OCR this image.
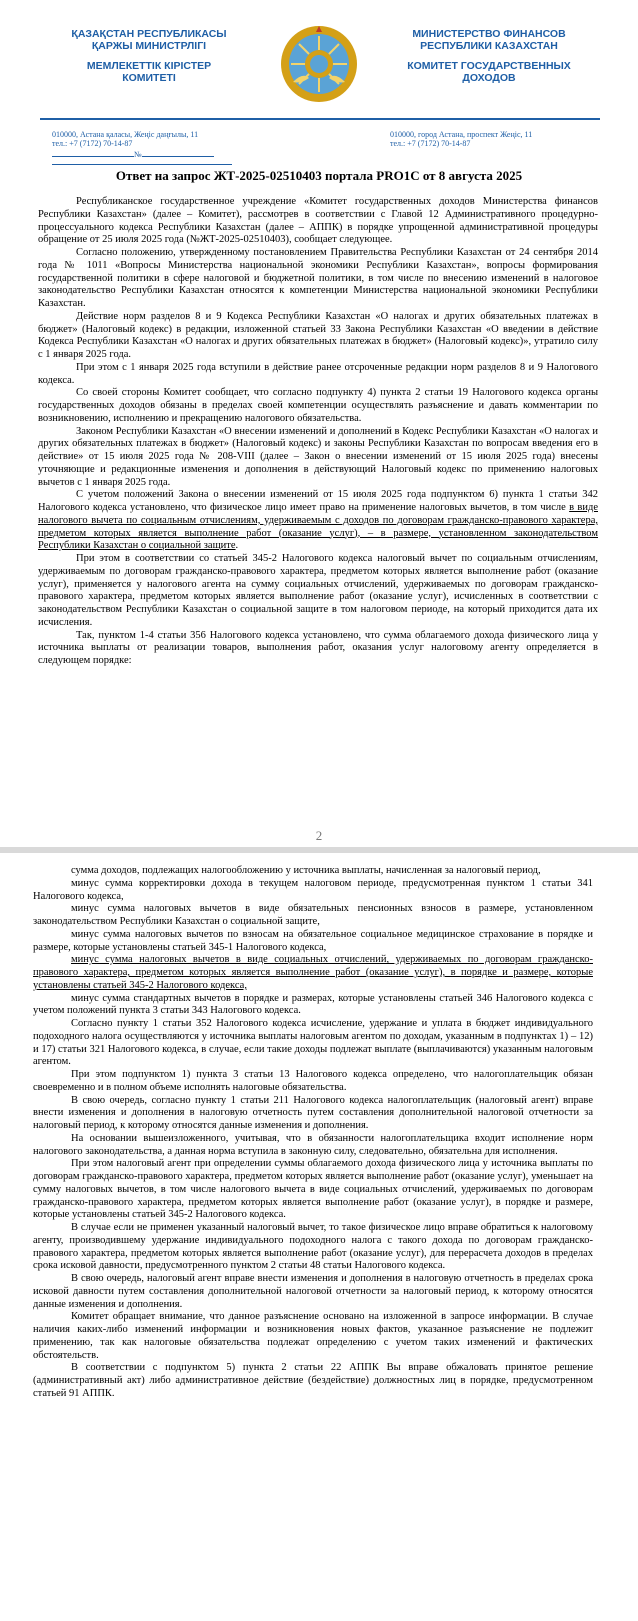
ҚАЗАҚСТАН РЕСПУБЛИКАСЫ
ҚАРЖЫ МИНИСТРЛІГІ
МЕМЛЕКЕТТІК КІРІСТЕР
КОМИТЕТІ
МИНИСТЕРСТВО ФИНАНСОВ
РЕСПУБЛИКИ КАЗАХСТАН
КОМИТЕТ ГОСУДАРСТВЕННЫХ
ДОХОДОВ
010000, Астана қаласы, Жеңіс даңғылы, 11
тел.: +7 (7172) 70-14-87
010000, город Астана, проспект Жеңіс, 11
тел.: +7 (7172) 70-14-87
№
Ответ на запрос ЖТ-2025-02510403 портала PRO1C от 8 августа 2025

Республиканское государственное учреждение «Комитет государственных доходов Министерства финансов Республики Казахстан» (далее – Комитет), рассмотрев в соответствии с Главой 12 Административного процедурно-процессуального кодекса Республики Казахстан (далее – АППК) в порядке упрощенной административной процедуры обращение от 25 июля 2025 года (№ЖТ-2025-02510403), сообщает следующее.

Согласно положению, утвержденному постановлением Правительства Республики Казахстан от 24 сентября 2014 года № 1011 «Вопросы Министерства национальной экономики Республики Казахстан», вопросы формирования государственной политики в сфере налоговой и бюджетной политики, в том числе по внесению изменений в налоговое законодательство Республики Казахстан относятся к компетенции Министерства национальной экономики Республики Казахстан.

Действие норм разделов 8 и 9 Кодекса Республики Казахстан «О налогах и других обязательных платежах в бюджет» (Налоговый кодекс) в редакции, изложенной статьей 33 Закона Республики Казахстан «О введении в действие Кодекса Республики Казахстан «О налогах и других обязательных платежах в бюджет» (Налоговый кодекс)», утратило силу с 1 января 2025 года.

При этом с 1 января 2025 года вступили в действие ранее отсроченные редакции норм разделов 8 и 9 Налогового кодекса.

Со своей стороны Комитет сообщает, что согласно подпункту 4) пункта 2 статьи 19 Налогового кодекса органы государственных доходов обязаны в пределах своей компетенции осуществлять разъяснение и давать комментарии по возникновению, исполнению и прекращению налогового обязательства.

Законом Республики Казахстан «О внесении изменений и дополнений в Кодекс Республики Казахстан «О налогах и других обязательных платежах в бюджет» (Налоговый кодекс) и законы Республики Казахстан по вопросам введения его в действие» от 15 июля 2025 года № 208-VIII (далее – Закон о внесении изменений от 15 июля 2025 года) внесены уточняющие и редакционные изменения и дополнения в действующий Налоговый кодекс по применению налоговых вычетов с 1 января 2025 года.

С учетом положений Закона о внесении изменений от 15 июля 2025 года подпунктом 6) пункта 1 статьи 342 Налогового кодекса установлено, что физическое лицо имеет право на применение налоговых вычетов, в том числе в виде налогового вычета по социальным отчислениям, удерживаемым с доходов по договорам гражданско-правового характера, предметом которых является выполнение работ (оказание услуг), – в размере, установленном законодательством Республики Казахстан о социальной защите.

При этом в соответствии со статьей 345-2 Налогового кодекса налоговый вычет по социальным отчислениям, удерживаемым по договорам гражданско-правового характера, предметом которых является выполнение работ (оказание услуг), применяется у налогового агента на сумму социальных отчислений, удерживаемых по договорам гражданско-правового характера, предметом которых является выполнение работ (оказание услуг), исчисленных в соответствии с законодательством Республики Казахстан о социальной защите в том налоговом периоде, на который приходится дата их исчисления.

Так, пунктом 1-4 статьи 356 Налогового кодекса установлено, что сумма облагаемого дохода физического лица у источника выплаты от реализации товаров, выполнения работ, оказания услуг налоговому агенту определяется в следующем порядке:

сумма доходов, подлежащих налогообложению у источника выплаты, начисленная за налоговый период,

минус сумма корректировки дохода в текущем налоговом периоде, предусмотренная пунктом 1 статьи 341 Налогового кодекса,

минус сумма налоговых вычетов в виде обязательных пенсионных взносов в размере, установленном законодательством Республики Казахстан о социальной защите,

минус сумма налоговых вычетов по взносам на обязательное социальное медицинское страхование в порядке и размере, которые установлены статьей 345-1 Налогового кодекса,

минус сумма налоговых вычетов в виде социальных отчислений, удерживаемых по договорам гражданско-правового характера, предметом которых является выполнение работ (оказание услуг), в порядке и размере, которые установлены статьей 345-2 Налогового кодекса,

минус сумма стандартных вычетов в порядке и размерах, которые установлены статьей 346 Налогового кодекса с учетом положений пункта 3 статьи 343 Налогового кодекса.

Согласно пункту 1 статьи 352 Налогового кодекса исчисление, удержание и уплата в бюджет индивидуального подоходного налога осуществляются у источника выплаты налоговым агентом по доходам, указанным в подпунктах 1) – 12) и 17) статьи 321 Налогового кодекса, в случае, если такие доходы подлежат выплате (выплачиваются) указанным налоговым агентом.

При этом подпунктом 1) пункта 3 статьи 13 Налогового кодекса определено, что налогоплательщик обязан своевременно и в полном объеме исполнять налоговые обязательства.

В свою очередь, согласно пункту 1 статьи 211 Налогового кодекса налогоплательщик (налоговый агент) вправе внести изменения и дополнения в налоговую отчетность путем составления дополнительной налоговой отчетности за налоговый период, к которому относятся данные изменения и дополнения.

На основании вышеизложенного, учитывая, что в обязанности налогоплательщика входит исполнение норм налогового законодательства, а данная норма вступила в законную силу, следовательно, обязательна для исполнения.

При этом налоговый агент при определении суммы облагаемого дохода физического лица у источника выплаты по договорам гражданско-правового характера, предметом которых является выполнение работ (оказание услуг), уменьшает на сумму налоговых вычетов, в том числе налогового вычета в виде социальных отчислений, удерживаемых по договорам гражданско-правового характера, предметом которых является выполнение работ (оказание услуг), в порядке и размере, которые установлены статьей 345-2 Налогового кодекса.

В случае если не применен указанный налоговый вычет, то такое физическое лицо вправе обратиться к налоговому агенту, производившему удержание индивидуального подоходного налога с такого дохода по договорам гражданско-правового характера, предметом которых является выполнение работ (оказание услуг), для перерасчета доходов в пределах срока исковой давности, предусмотренного пунктом 2 статьи 48 статьи Налогового кодекса.

В свою очередь, налоговый агент вправе внести изменения и дополнения в налоговую отчетность в пределах срока исковой давности путем составления дополнительной налоговой отчетности за налоговый период, к которому относятся данные изменения и дополнения.

Комитет обращает внимание, что данное разъяснение основано на изложенной в запросе информации. В случае наличия каких-либо изменений информации и возникновения новых фактов, указанное разъяснение не подлежит применению, так как налоговые обязательства подлежат определению с учетом таких изменений и фактических обстоятельств.

В соответствии с подпунктом 5) пункта 2 статьи 22 АППК Вы вправе обжаловать принятое решение (административный акт) либо административное действие (бездействие) должностных лиц в порядке, предусмотренном статьей 91 АППК.

2
